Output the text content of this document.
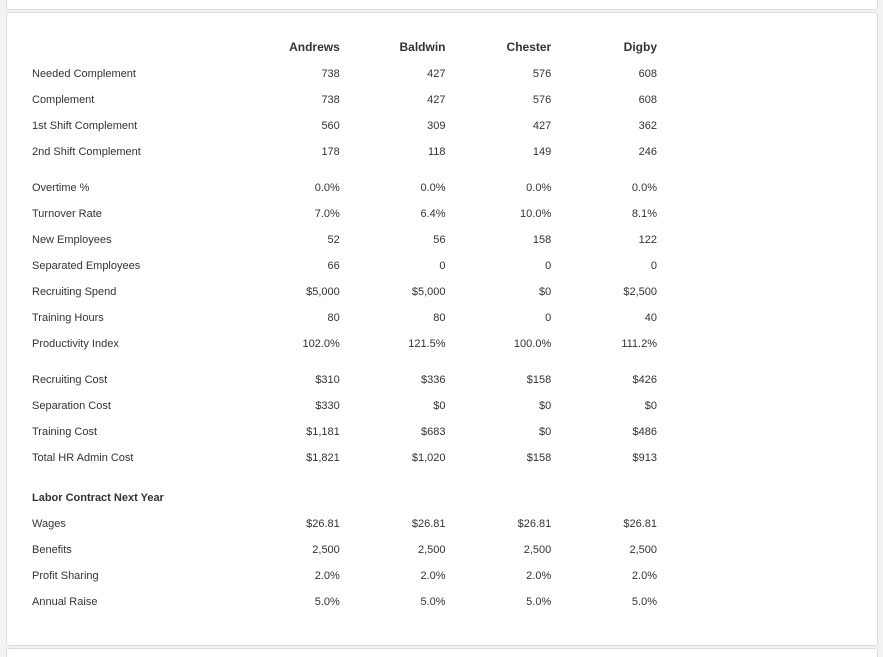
	Andrews	Baldwin	Chester	Digby
Needed Complement	738	427	576	608
Complement	738	427	576	608
1st Shift Complement	560	309	427	362
2nd Shift Complement	178	118	149	246
Overtime %	0.0%	0.0%	0.0%	0.0%
Turnover Rate	7.0%	6.4%	10.0%	8.1%
New Employees	52	56	158	122
Separated Employees	66	0	0	0
Recruiting Spend	$5,000	$5,000	$0	$2,500
Training Hours	80	80	0	40
Productivity Index	102.0%	121.5%	100.0%	111.2%
Recruiting Cost	$310	$336	$158	$426
Separation Cost	$330	$0	$0	$0
Training Cost	$1,181	$683	$0	$486
Total HR Admin Cost	$1,821	$1,020	$158	$913
Labor Contract Next Year				
Wages	$26.81	$26.81	$26.81	$26.81
Benefits	2,500	2,500	2,500	2,500
Profit Sharing	2.0%	2.0%	2.0%	2.0%
Annual Raise	5.0%	5.0%	5.0%	5.0%
